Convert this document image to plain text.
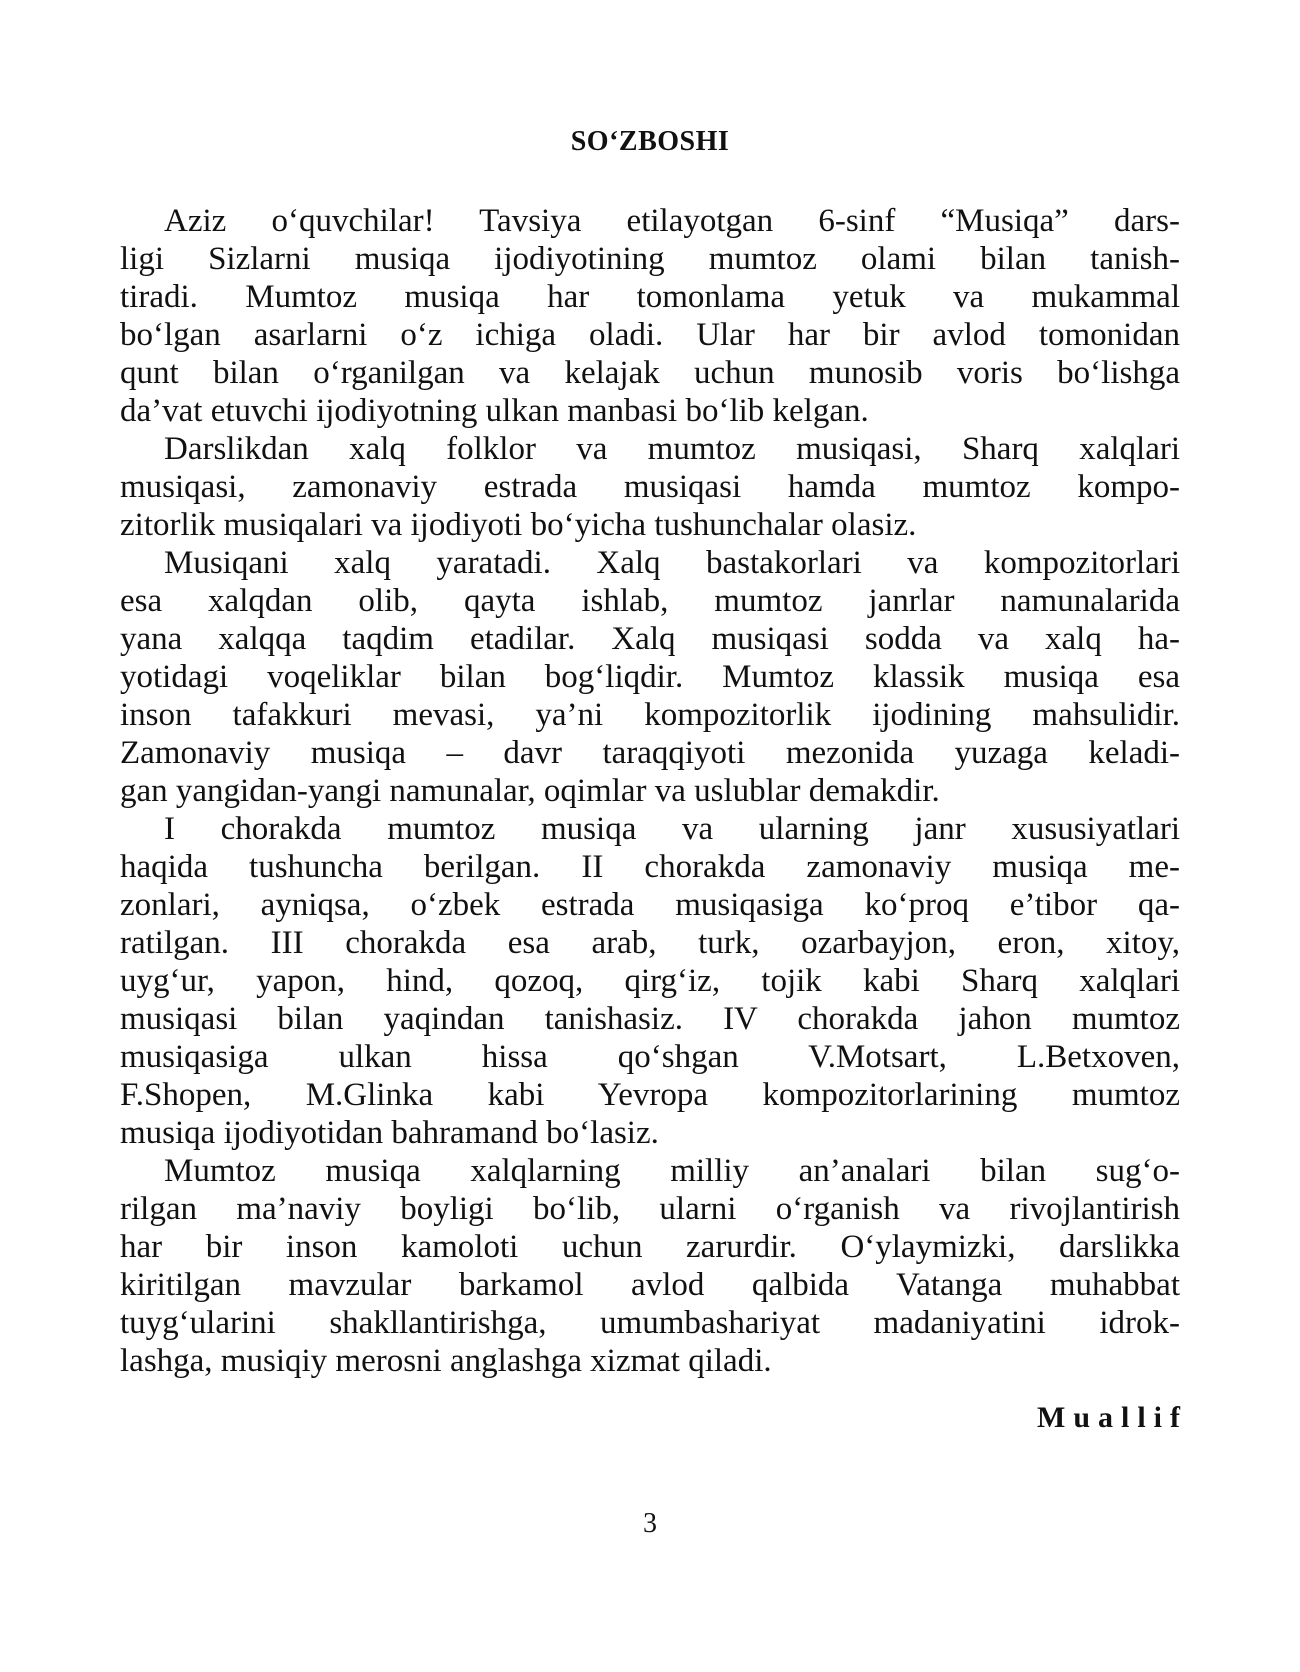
SO‘ZBOSHI
Aziz o‘quvchilar! Tavsiya etilayotgan 6-sinf “Musiqa” dars-
ligi Sizlarni musiqa ijodiyotining mumtoz olami bilan tanish-
tiradi. Mumtoz musiqa har tomonlama yetuk va mukammal
bo‘lgan asarlarni o‘z ichiga oladi. Ular har bir avlod tomonidan
qunt bilan o‘rganilgan va kelajak uchun munosib voris bo‘lishga
da’vat etuvchi ijodiyotning ulkan manbasi bo‘lib kelgan.
Darslikdan xalq folklor va mumtoz musiqasi, Sharq xalqlari
musiqasi, zamonaviy estrada musiqasi hamda mumtoz kompo-
zitorlik musiqalari va ijodiyoti bo‘yicha tushunchalar olasiz.
Musiqani xalq yaratadi. Xalq bastakorlari va kompozitorlari
esa xalqdan olib, qayta ishlab, mumtoz janrlar namunalarida
yana xalqqa taqdim etadilar. Xalq musiqasi sodda va xalq ha-
yotidagi voqeliklar bilan bog‘liqdir. Mumtoz klassik musiqa esa
inson tafakkuri mevasi, ya’ni kompozitorlik ijodining mahsulidir.
Zamonaviy musiqa – davr taraqqiyoti mezonida yuzaga keladi-
gan yangidan-yangi namunalar, oqimlar va uslublar demakdir.
I chorakda mumtoz musiqa va ularning janr xususiyatlari
haqida tushuncha berilgan. II chorakda zamonaviy musiqa me-
zonlari, ayniqsa, o‘zbek estrada musiqasiga ko‘proq e’tibor qa-
ratilgan. III chorakda esa arab, turk, ozarbayjon, eron, xitoy,
uyg‘ur, yapon, hind, qozoq, qirg‘iz, tojik kabi Sharq xalqlari
musiqasi bilan yaqindan tanishasiz. IV chorakda jahon mumtoz
musiqasiga ulkan hissa qo‘shgan V.Motsart, L.Betxoven,
F.Shopen, M.Glinka kabi Yevropa kompozitorlarining mumtoz
musiqa ijodiyotidan bahramand bo‘lasiz.
Mumtoz musiqa xalqlarning milliy an’analari bilan sug‘o-
rilgan ma’naviy boyligi bo‘lib, ularni o‘rganish va rivojlantirish
har bir inson kamoloti uchun zarurdir. O‘ylaymizki, darslikka
kiritilgan mavzular barkamol avlod qalbida Vatanga muhabbat
tuyg‘ularini shakllantirishga, umumbashariyat madaniyatini idrok-
lashga, musiqiy merosni anglashga xizmat qiladi.
Muallif
3
